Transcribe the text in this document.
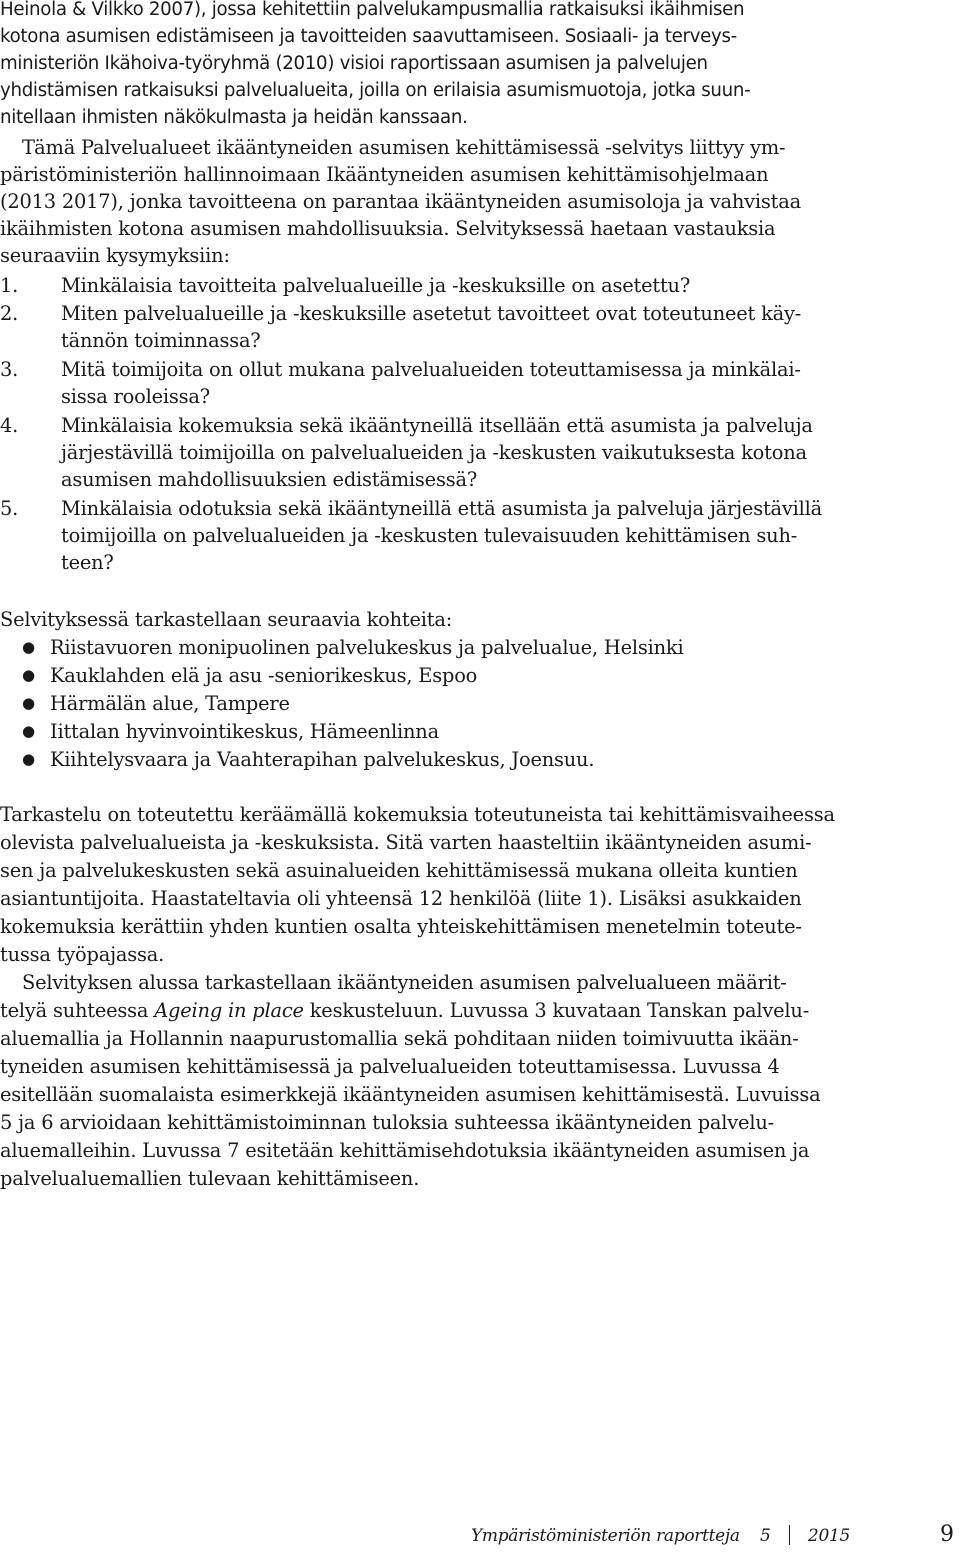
Heinola & Vilkko 2007), jossa kehitettiin palvelukampusmallia ratkaisuksi ikäihmisen
kotona asumisen edistämiseen ja tavoitteiden saavuttamiseen. Sosiaali- ja terveys-
ministeriön Ikähoiva-työryhmä (2010) visioi raportissaan asumisen ja palvelujen
yhdistämisen ratkaisuksi palvelualueita, joilla on erilaisia asumismuotoja, jotka suun-
nitellaan ihmisten näkökulmasta ja heidän kanssaan.
Tämä Palvelualueet ikääntyneiden asumisen kehittämisessä -selvitys liittyy ym-
päristöministeriön hallinnoimaan Ikääntyneiden asumisen kehittämisohjelmaan
(2013 2017), jonka tavoitteena on parantaa ikääntyneiden asumisoloja ja vahvistaa
ikäihmisten kotona asumisen mahdollisuuksia. Selvityksessä haetaan vastauksia
seuraaviin kysymyksiin:
1. Minkälaisia tavoitteita palvelualueille ja -keskuksille on asetettu?
2. Miten palvelualueille ja -keskuksille asetetut tavoitteet ovat toteutuneet käy-
tännön toiminnassa?
3. Mitä toimijoita on ollut mukana palvelualueiden toteuttamisessa ja minkälai-
sissa rooleissa?
4. Minkälaisia kokemuksia sekä ikääntyneillä itsellään että asumista ja palveluja
järjestävillä toimijoilla on palvelualueiden ja -keskusten vaikutuksesta kotona
asumisen mahdollisuuksien edistämisessä?
5. Minkälaisia odotuksia sekä ikääntyneillä että asumista ja palveluja järjestävillä
toimijoilla on palvelualueiden ja -keskusten tulevaisuuden kehittämisen suh-
teen?
Selvityksessä tarkastellaan seuraavia kohteita:
● Riistavuoren monipuolinen palvelukeskus ja palvelualue, Helsinki
● Kauklahden elä ja asu -seniorikeskus, Espoo
● Härmälän alue, Tampere
● Iittalan hyvinvointikeskus, Hämeenlinna
● Kiihtelysvaara ja Vaahterapihan palvelukeskus, Joensuu.
Tarkastelu on toteutettu keräämällä kokemuksia toteutuneista tai kehittämisvaiheessa
olevista palvelualueista ja -keskuksista. Sitä varten haasteltiin ikääntyneiden asumi-
sen ja palvelukeskusten sekä asuinalueiden kehittämisessä mukana olleita kuntien
asiantuntijoita. Haastateltavia oli yhteensä 12 henkilöä (liite 1). Lisäksi asukkaiden
kokemuksia kerättiin yhden kuntien osalta yhteiskehittämisen menetelmin toteute-
tussa työpajassa.
Selvityksen alussa tarkastellaan ikääntyneiden asumisen palvelualueen määrit-
telyä suhteessa Ageing in place keskusteluun. Luvussa 3 kuvataan Tanskan palvelu-
aluemallia ja Hollannin naapurustomallia sekä pohditaan niiden toimivuutta ikään-
tyneiden asumisen kehittämisessä ja palvelualueiden toteuttamisessa. Luvussa 4
esitellään suomalaista esimerkkejä ikääntyneiden asumisen kehittämisestä. Luvuissa
5 ja 6 arvioidaan kehittämistoiminnan tuloksia suhteessa ikääntyneiden palvelu-
aluemalleihin. Luvussa 7 esitetään kehittämisehdotuksia ikääntyneiden asumisen ja
palvelualuemallien tulevaan kehittämiseen.
Ympäristöministeriön raportteja 5 2015	9
